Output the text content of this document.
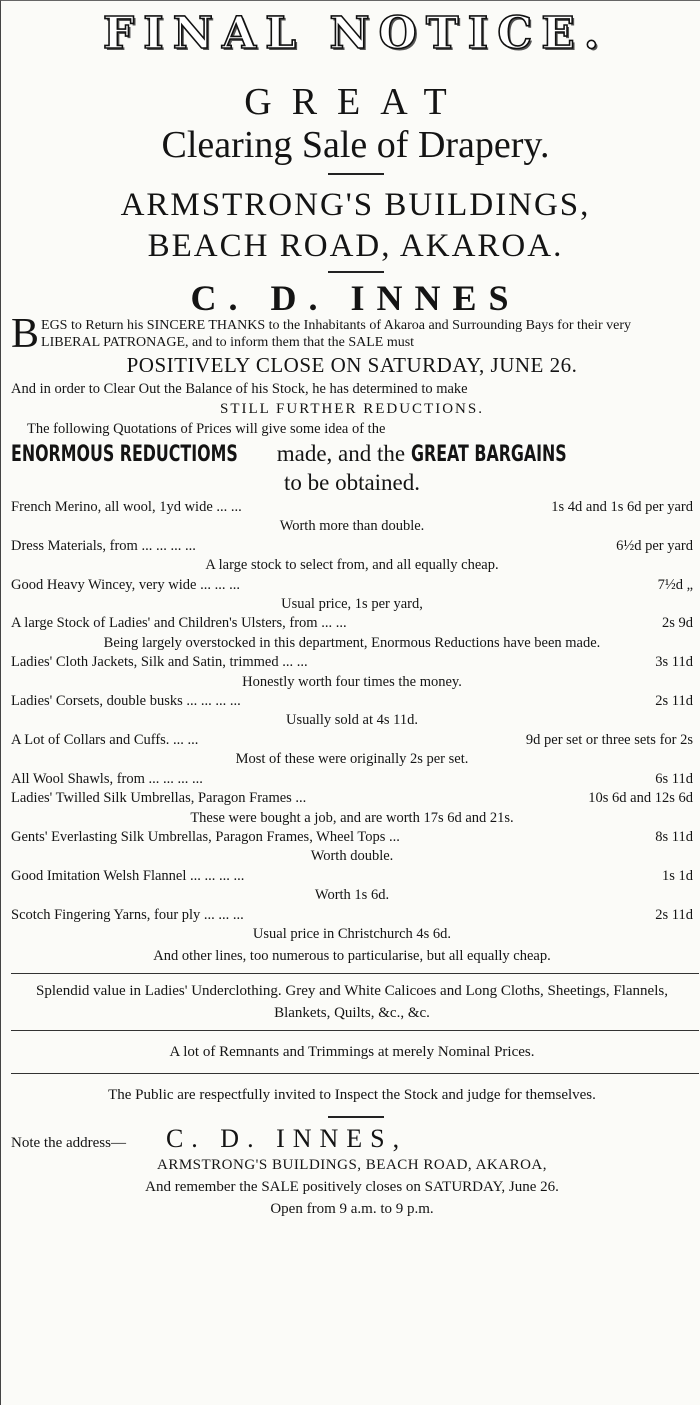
FINAL NOTICE.
GREAT
Clearing Sale of Drapery.
ARMSTRONG'S BUILDINGS,
BEACH ROAD, AKAROA.
C. D. INNES
B EGS to Return his SINCERE THANKS to the Inhabitants of Akaroa and Surrounding Bays for their very LIBERAL PATRONAGE, and to inform them that the SALE must
POSITIVELY CLOSE ON SATURDAY, JUNE 26.
And in order to Clear Out the Balance of his Stock, he has determined to make
STILL FURTHER REDUCTIONS.
The following Quotations of Prices will give some idea of the
ENORMOUS REDUCTIOMS made, and the GREAT BARGAINS
to be obtained.
French Merino, all wool, 1yd wide ... ...	1s 4d and 1s 6d per yard
Worth more than double.
Dress Materials, from ... ... ... ...	6½d per yard
A large stock to select from, and all equally cheap.
Good Heavy Wincey, very wide ... ... ...	7½d „
Usual price, 1s per yard,
A large Stock of Ladies' and Children's Ulsters, from ... ...	2s 9d
Being largely overstocked in this department, Enormous Reductions have been made.
Ladies' Cloth Jackets, Silk and Satin, trimmed ... ...	3s 11d
Honestly worth four times the money.
Ladies' Corsets, double busks ... ... ... ...	2s 11d
Usually sold at 4s 11d.
A Lot of Collars and Cuffs. ... ...	9d per set or three sets for 2s
Most of these were originally 2s per set.
All Wool Shawls, from ... ... ... ...	6s 11d
Ladies' Twilled Silk Umbrellas, Paragon Frames ...	10s 6d and 12s 6d
These were bought a job, and are worth 17s 6d and 21s.
Gents' Everlasting Silk Umbrellas, Paragon Frames, Wheel Tops ...	8s 11d
Worth double.
Good Imitation Welsh Flannel ... ... ... ...	1s 1d
Worth 1s 6d.
Scotch Fingering Yarns, four ply ... ... ...	2s 11d
Usual price in Christchurch 4s 6d.
And other lines, too numerous to particularise, but all equally cheap.
Splendid value in Ladies' Underclothing. Grey and White Calicoes and Long Cloths, Sheetings, Flannels, Blankets, Quilts, &c., &c.
A lot of Remnants and Trimmings at merely Nominal Prices.
The Public are respectfully invited to Inspect the Stock and judge for themselves.
Note the address— C. D. INNES,
ARMSTRONG'S BUILDINGS, BEACH ROAD, AKAROA,
And remember the SALE positively closes on SATURDAY, June 26.
Open from 9 a.m. to 9 p.m.
